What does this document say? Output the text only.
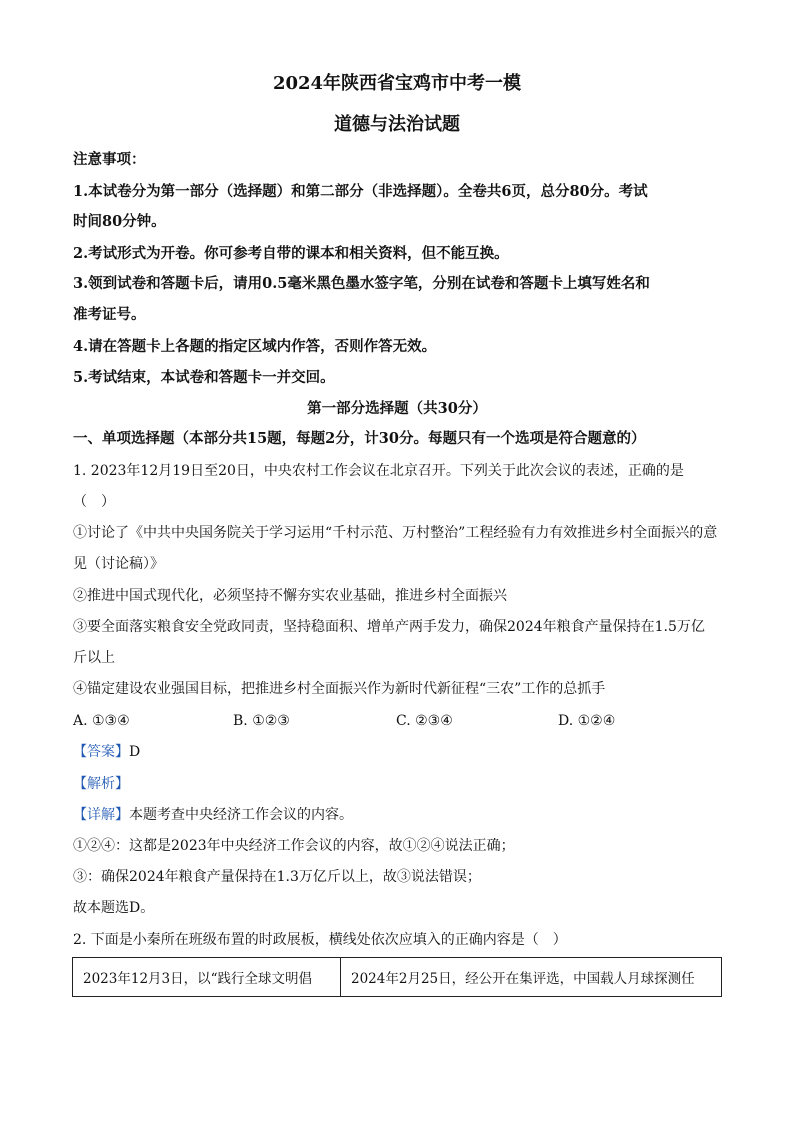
2024年陕西省宝鸡市中考一模
道德与法治试题
注意事项：
1.本试卷分为第一部分（选择题）和第二部分（非选择题）。全卷共6页，总分80分。考试
时间80分钟。
2.考试形式为开卷。你可参考自带的课本和相关资料，但不能互换。
3.领到试卷和答题卡后，请用0.5毫米黑色墨水签字笔，分别在试卷和答题卡上填写姓名和
准考证号。
4.请在答题卡上各题的指定区域内作答，否则作答无效。
5.考试结束，本试卷和答题卡一并交回。
第一部分选择题（共30分）
一、单项选择题（本部分共15题，每题2分，计30分。每题只有一个选项是符合题意的）
1. 2023年12月19日至20日，中央农村工作会议在北京召开。下列关于此次会议的表述，正确的是
（　）
①讨论了《中共中央国务院关于学习运用“千村示范、万村整治”工程经验有力有效推进乡村全面振兴的意
见（讨论稿）》
②推进中国式现代化，必须坚持不懈夯实农业基础，推进乡村全面振兴
③要全面落实粮食安全党政同责，坚持稳面积、增单产两手发力，确保2024年粮食产量保持在1.5万亿
斤以上
④锚定建设农业强国目标，把推进乡村全面振兴作为新时代新征程“三农”工作的总抓手
A. ①③④	B. ①②③	C. ②③④	D. ①②④
【答案】D
【解析】
【详解】本题考查中央经济工作会议的内容。
①②④：这都是2023年中央经济工作会议的内容，故①②④说法正确；
③：确保2024年粮食产量保持在1.3万亿斤以上，故③说法错误；
故本题选D。
2. 下面是小秦所在班级布置的时政展板，横线处依次应填入的正确内容是（　）
2023年12月3日，以“践行全球文明倡	2024年2月25日，经公开在集评选，中国载人月球探测任
